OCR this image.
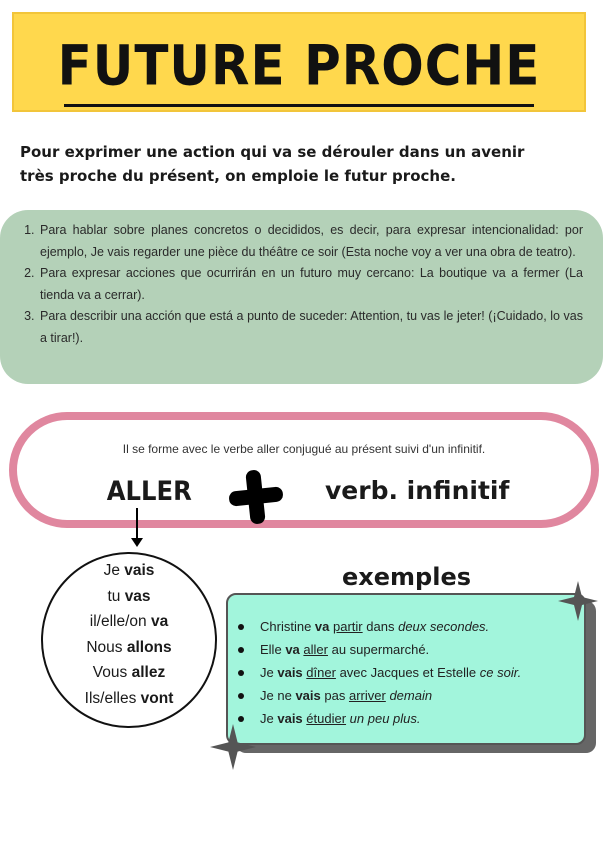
FUTURE PROCHE
Pour exprimer une action qui va se dérouler dans un avenir
très proche du présent, on emploie le futur proche.
1. Para hablar sobre planes concretos o decididos, es decir, para expresar intencionalidad: por ejemplo, Je vais regarder une pièce du théâtre ce soir (Esta noche voy a ver una obra de teatro).
2. Para expresar acciones que ocurrirán en un futuro muy cercano: La boutique va a fermer (La tienda va a cerrar).
3. Para describir una acción que está a punto de suceder: Attention, tu vas le jeter! (¡Cuidado, lo vas a tirar!).
Il se forme avec le verbe aller conjugué au présent suivi d'un infinitif.
ALLER	verb. infinitif
Je vais
tu vas
il/elle/on va
Nous allons
Vous allez
Ils/elles vont
exemples
Christine va partir dans deux secondes.
Elle va aller au supermarché.
Je vais dîner avec Jacques et Estelle ce soir.
Je ne vais pas arriver demain
Je vais étudier un peu plus.
